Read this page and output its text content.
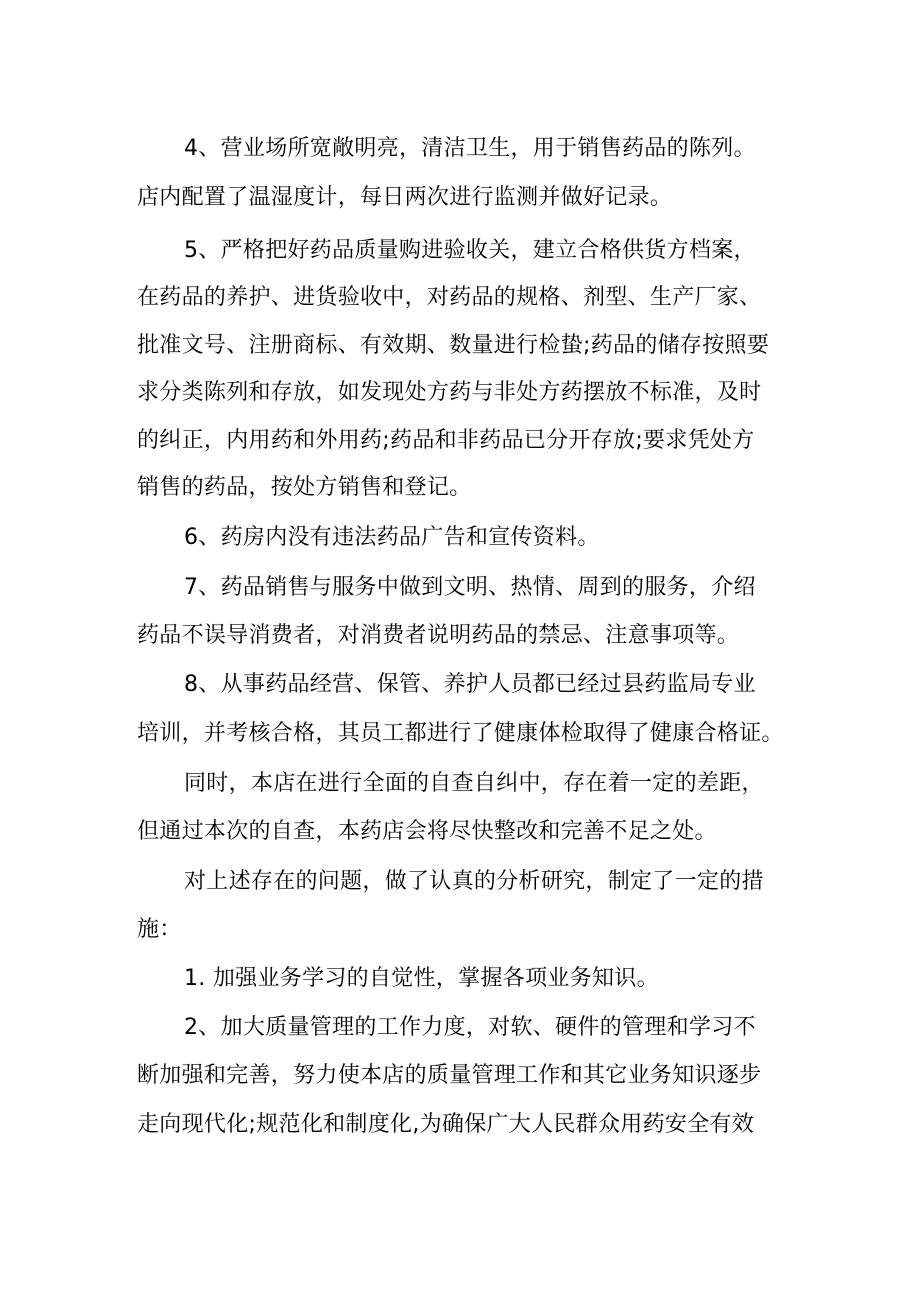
4、营业场所宽敞明亮，清洁卫生，用于销售药品的陈列。
店内配置了温湿度计，每日两次进行监测并做好记录。
5、严格把好药品质量购进验收关，建立合格供货方档案，
在药品的养护、进货验收中，对药品的规格、剂型、生产厂家、
批准文号、注册商标、有效期、数量进行检蛰;药品的储存按照要
求分类陈列和存放，如发现处方药与非处方药摆放不标准，及时
的纠正，内用药和外用药;药品和非药品已分开存放;要求凭处方
销售的药品，按处方销售和登记。
6、药房内没有违法药品广告和宣传资料。
7、药品销售与服务中做到文明、热情、周到的服务，介绍
药品不误导消费者，对消费者说明药品的禁忌、注意事项等。
8、从事药品经营、保管、养护人员都已经过县药监局专业
培训，并考核合格，其员工都进行了健康体检取得了健康合格证。
同时，本店在进行全面的自查自纠中，存在着一定的差距，
但通过本次的自查，本药店会将尽快整改和完善不足之处。
对上述存在的问题，做了认真的分析研究，制定了一定的措
施：
1. 加强业务学习的自觉性，掌握各项业务知识。
2、加大质量管理的工作力度，对软、硬件的管理和学习不
断加强和完善，努力使本店的质量管理工作和其它业务知识逐步
走向现代化;规范化和制度化,为确保广大人民群众用药安全有效
